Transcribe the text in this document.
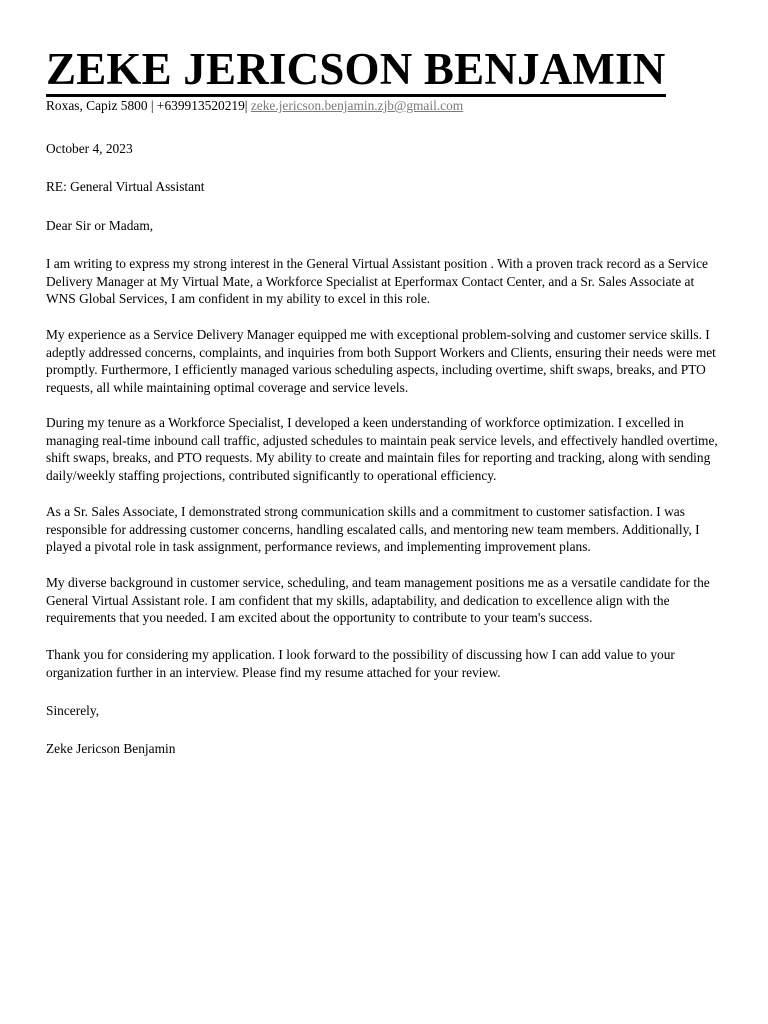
ZEKE JERICSON BENJAMIN
Roxas, Capiz 5800 | +639913520219| zeke.jericson.benjamin.zjb@gmail.com

October 4, 2023

RE: General Virtual Assistant

Dear Sir or Madam,

I am writing to express my strong interest in the General Virtual Assistant position . With a proven track record as a Service Delivery Manager at My Virtual Mate, a Workforce Specialist at Eperformax Contact Center, and a Sr. Sales Associate at WNS Global Services, I am confident in my ability to excel in this role.

My experience as a Service Delivery Manager equipped me with exceptional problem-solving and customer service skills. I adeptly addressed concerns, complaints, and inquiries from both Support Workers and Clients, ensuring their needs were met promptly. Furthermore, I efficiently managed various scheduling aspects, including overtime, shift swaps, breaks, and PTO requests, all while maintaining optimal coverage and service levels.

During my tenure as a Workforce Specialist, I developed a keen understanding of workforce optimization. I excelled in managing real-time inbound call traffic, adjusted schedules to maintain peak service levels, and effectively handled overtime, shift swaps, breaks, and PTO requests. My ability to create and maintain files for reporting and tracking, along with sending daily/weekly staffing projections, contributed significantly to operational efficiency.

As a Sr. Sales Associate, I demonstrated strong communication skills and a commitment to customer satisfaction. I was responsible for addressing customer concerns, handling escalated calls, and mentoring new team members. Additionally, I played a pivotal role in task assignment, performance reviews, and implementing improvement plans.

My diverse background in customer service, scheduling, and team management positions me as a versatile candidate for the General Virtual Assistant role. I am confident that my skills, adaptability, and dedication to excellence align with the requirements that you needed. I am excited about the opportunity to contribute to your team's success.

Thank you for considering my application. I look forward to the possibility of discussing how I can add value to your organization further in an interview. Please find my resume attached for your review.

Sincerely,

Zeke Jericson Benjamin
